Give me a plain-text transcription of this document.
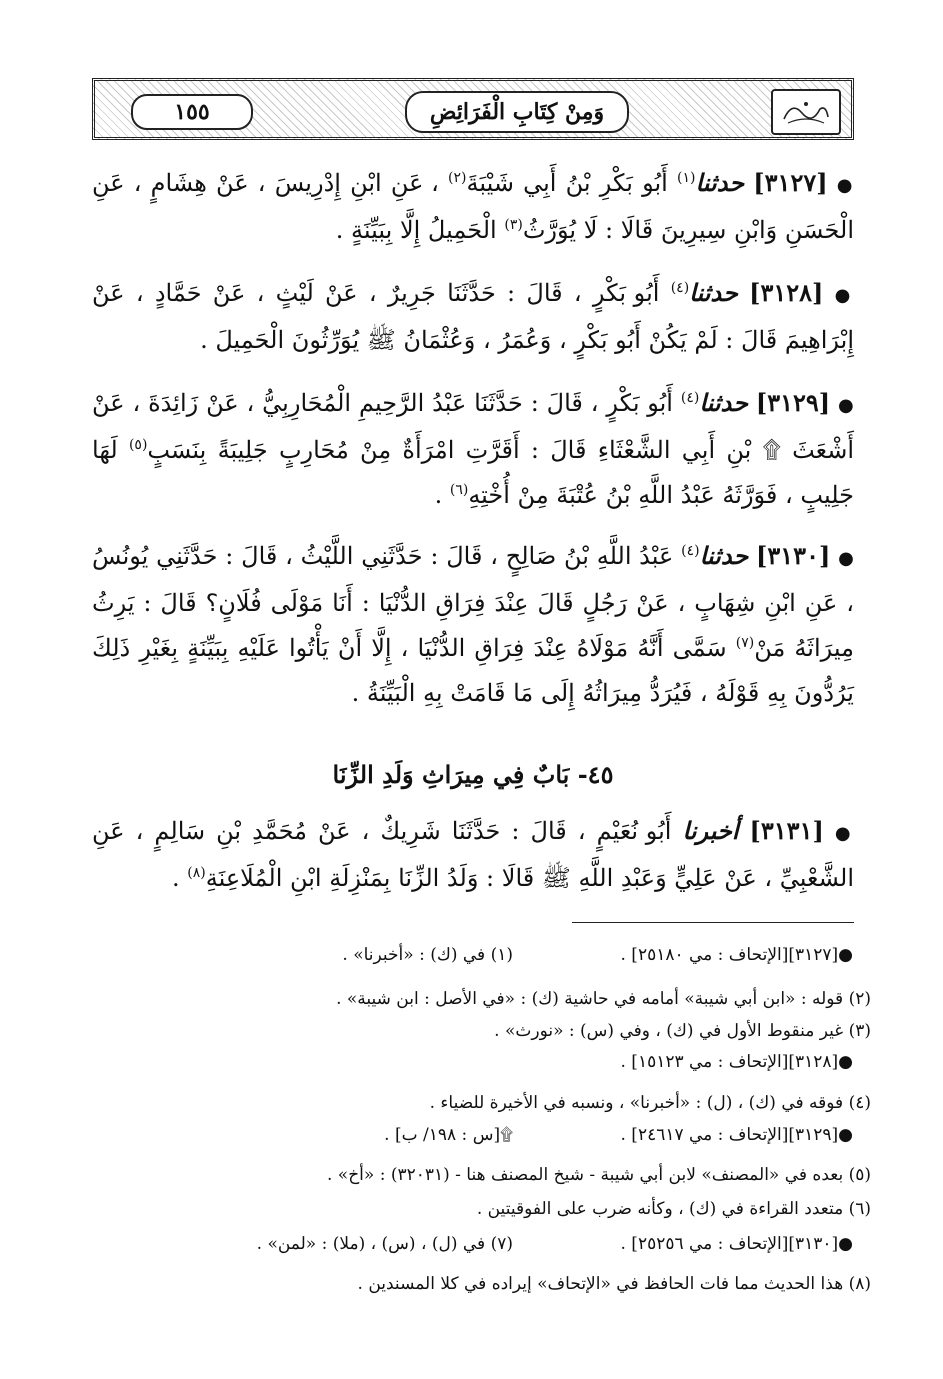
وَمِنْ كِتَابِ الْفَرَائِضِ
١٥٥
● [٣١٢٧] حدثنا$^{(١)}$ أَبُو بَكْرِ بْنُ أَبِي شَيْبَةَ$^{(٢)}$ ، عَنِ ابْنِ إِدْرِيسَ ، عَنْ هِشَامٍ ، عَنِ الْحَسَنِ وَابْنِ سِيرِينَ قَالَا : لَا يُوَرَّثُ$^{(٣)}$ الْحَمِيلُ إِلَّا بِبَيِّنَةٍ .
● [٣١٢٨] حدثنا$^{(٤)}$ أَبُو بَكْرٍ ، قَالَ : حَدَّثَنَا جَرِيرٌ ، عَنْ لَيْثٍ ، عَنْ حَمَّادٍ ، عَنْ إِبْرَاهِيمَ قَالَ : لَمْ يَكُنْ أَبُو بَكْرٍ ، وَعُمَرُ ، وَعُثْمَانُ ﷺ يُوَرِّثُونَ الْحَمِيلَ .
● [٣١٢٩] حدثنا$^{(٤)}$ أَبُو بَكْرٍ ، قَالَ : حَدَّثَنَا عَبْدُ الرَّحِيمِ الْمُحَارِبِيُّ ، عَنْ زَائِدَةَ ، عَنْ أَشْعَثَ ۩ بْنِ أَبِي الشَّعْثَاءِ قَالَ : أَقَرَّتِ امْرَأَةٌ مِنْ مُحَارِبٍ جَلِيبَةً بِنَسَبٍ$^{(٥)}$ لَهَا جَلِيبٍ ، فَوَرَّثَهُ عَبْدُ اللَّهِ بْنُ عُتْبَةَ مِنْ أُخْتِهِ$^{(٦)}$ .
● [٣١٣٠] حدثنا$^{(٤)}$ عَبْدُ اللَّهِ بْنُ صَالِحٍ ، قَالَ : حَدَّثَنِي اللَّيْثُ ، قَالَ : حَدَّثَنِي يُونُسُ ، عَنِ ابْنِ شِهَابٍ ، عَنْ رَجُلٍ قَالَ عِنْدَ فِرَاقِ الدُّنْيَا : أَنَا مَوْلَى فُلَانٍ؟ قَالَ : يَرِثُ مِيرَاثَهُ مَنْ$^{(٧)}$ سَمَّى أَنَّهُ مَوْلَاهُ عِنْدَ فِرَاقِ الدُّنْيَا ، إِلَّا أَنْ يَأْتُوا عَلَيْهِ بِبَيِّنَةٍ بِغَيْرِ ذَلِكَ يَرُدُّونَ بِهِ قَوْلَهُ ، فَيُرَدُّ مِيرَاثُهُ إِلَى مَا قَامَتْ بِهِ الْبَيِّنَةُ .
٤٥- بَابٌ فِي مِيرَاثِ وَلَدِ الزِّنَا
● [٣١٣١] أخبرنا أَبُو نُعَيْمٍ ، قَالَ : حَدَّثَنَا شَرِيكٌ ، عَنْ مُحَمَّدِ بْنِ سَالِمٍ ، عَنِ الشَّعْبِيِّ ، عَنْ عَلِيٍّ وَعَبْدِ اللَّهِ ﷺ قَالَا : وَلَدُ الزِّنَا بِمَنْزِلَةِ ابْنِ الْمُلَاعِنَةِ$^{(٨)}$ .
●[٣١٢٧][الإتحاف : مي ٢٥١٨٠] .
(١) في (ك) : «أخبرنا» .
(٢) قوله : «ابن أبي شيبة» أمامه في حاشية (ك) : «في الأصل : ابن شيبة» .
(٣) غير منقوط الأول في (ك) ، وفي (س) : «نورث» .
●[٣١٢٨][الإتحاف : مي ١٥١٢٣] .
(٤) فوقه في (ك) ، (ل) : «أخبرنا» ، ونسبه في الأخيرة للضياء .
●[٣١٢٩][الإتحاف : مي ٢٤٦١٧] .
۩[س : ١٩٨/ ب] .
(٥) بعده في «المصنف» لابن أبي شيبة - شيخ المصنف هنا - (٣٢٠٣١) : «أخ» .
(٦) متعدد القراءة في (ك) ، وكأنه ضرب على الفوقيتين .
●[٣١٣٠][الإتحاف : مي ٢٥٢٥٦] .
(٧) في (ل) ، (س) ، (ملا) : «لمن» .
(٨) هذا الحديث مما فات الحافظ في «الإتحاف» إيراده في كلا المسندين .
